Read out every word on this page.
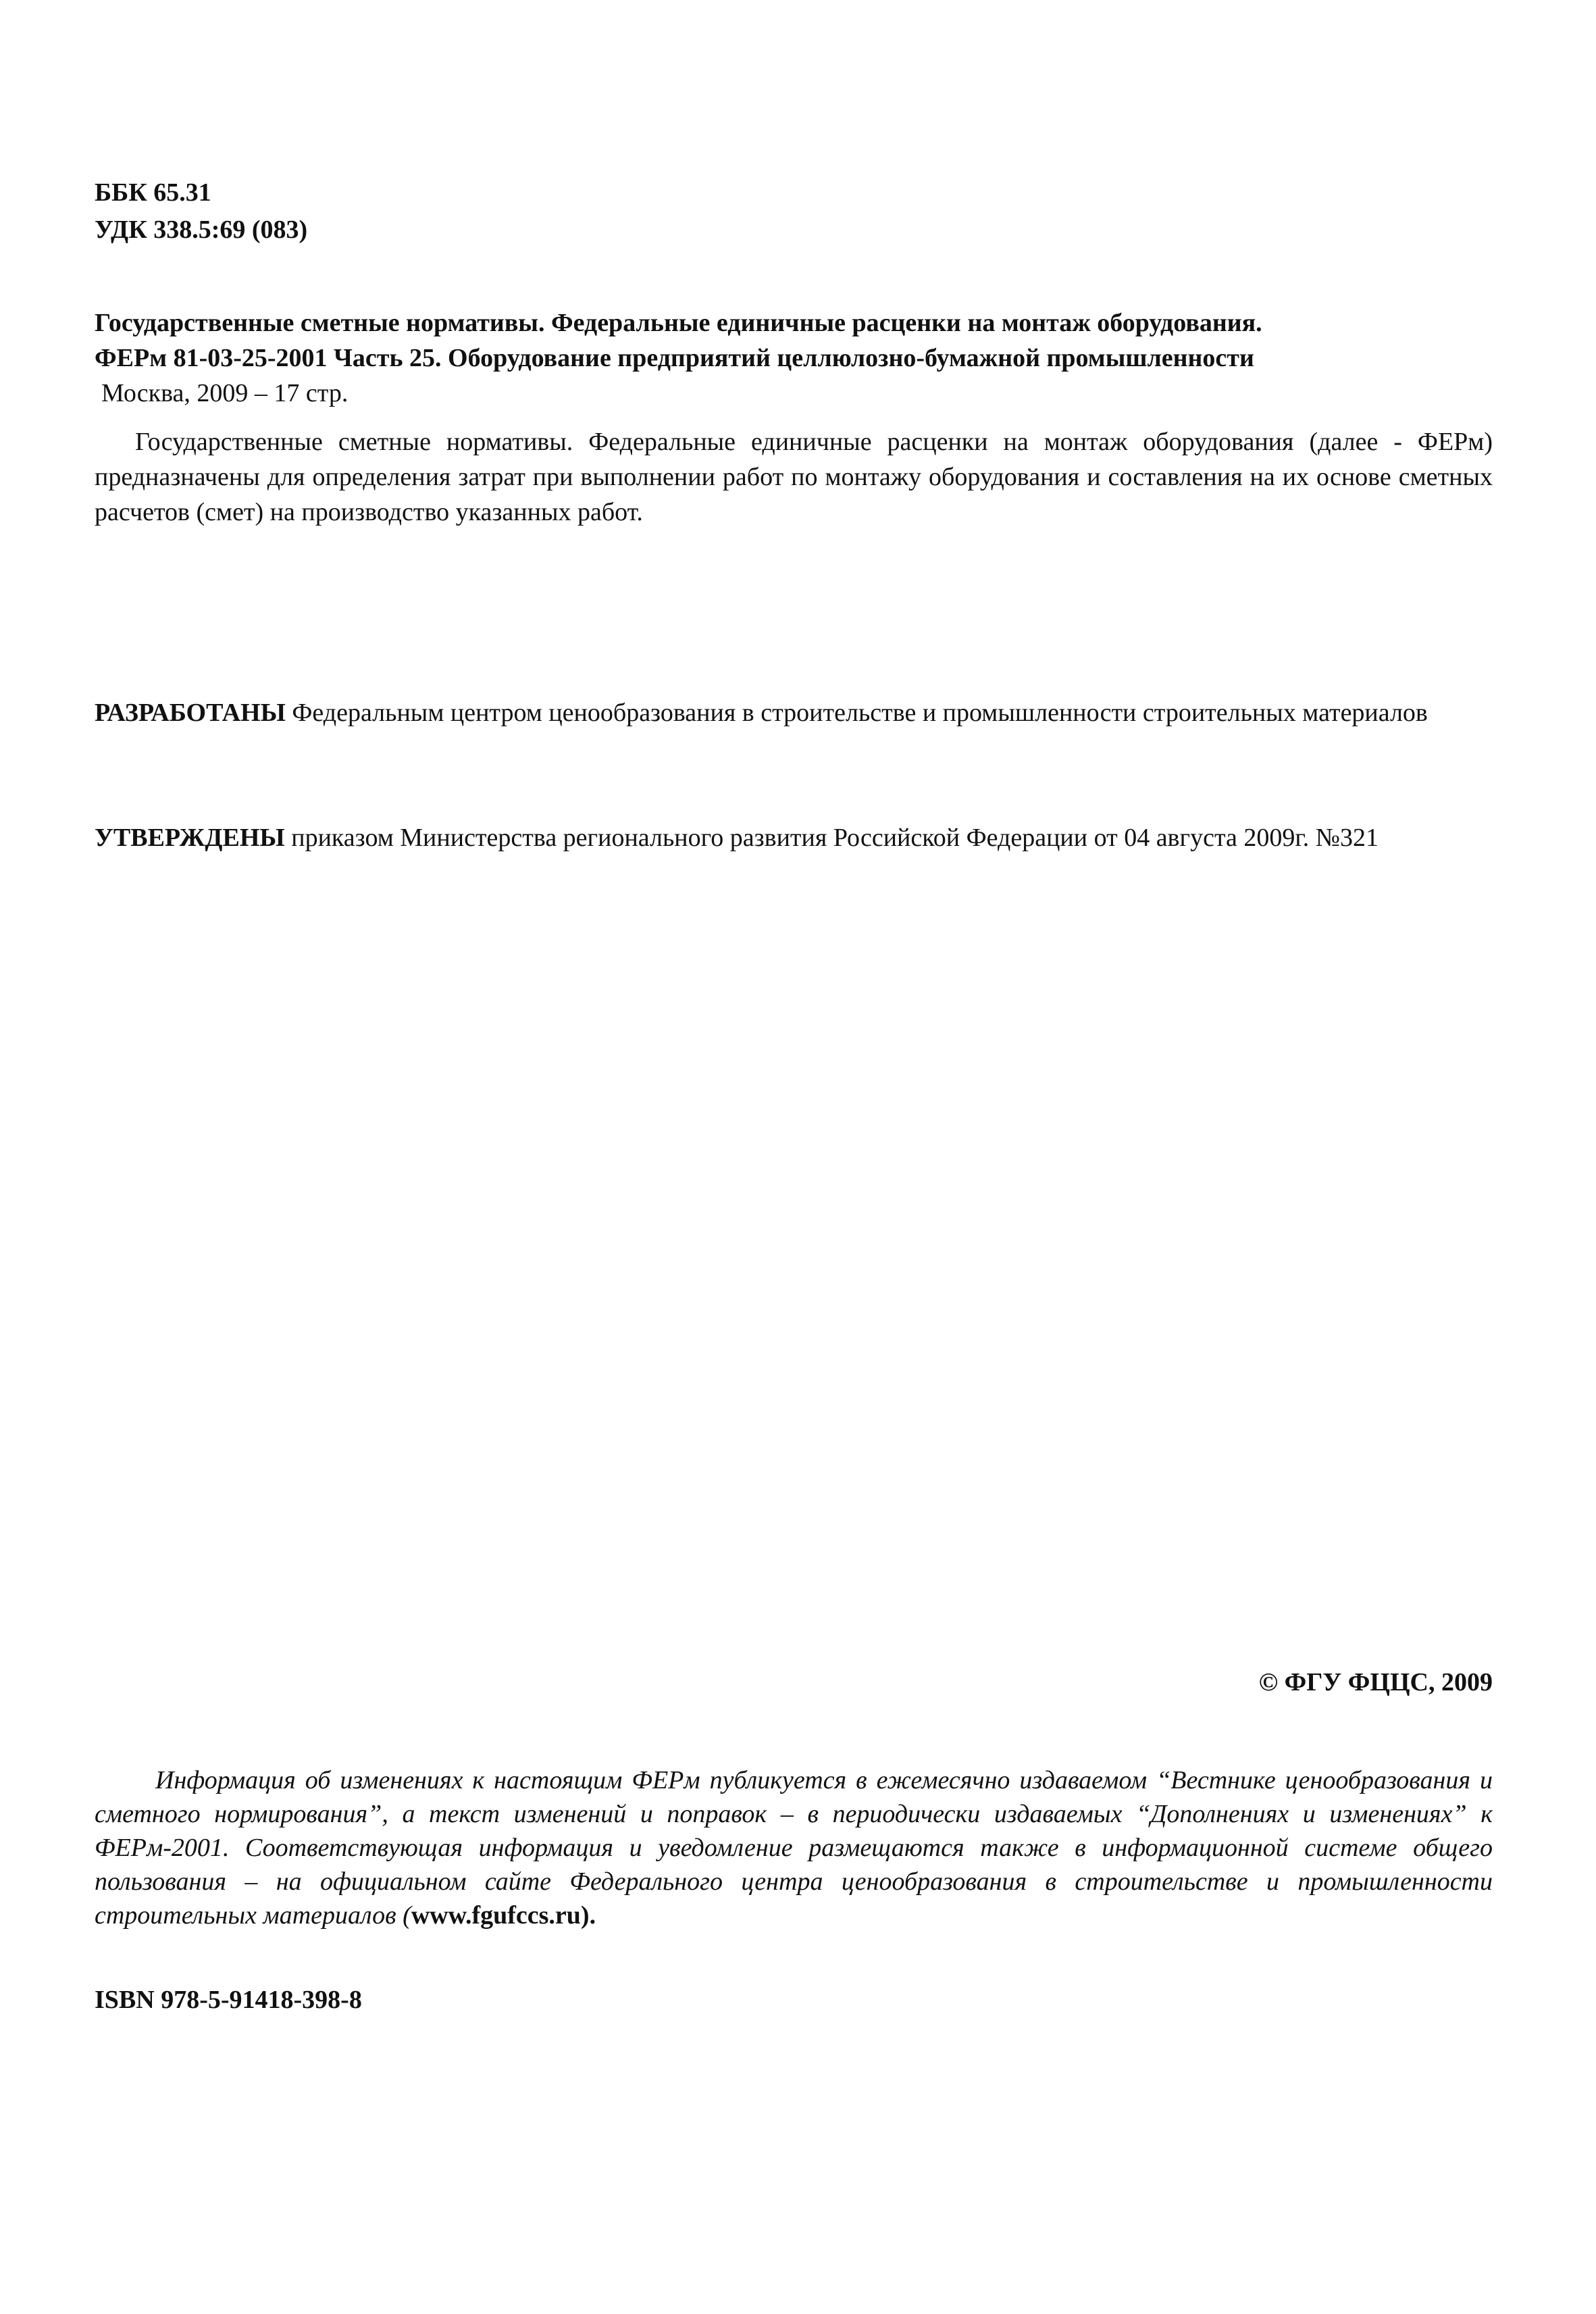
ББК 65.31
УДК 338.5:69 (083)
Государственные сметные нормативы. Федеральные единичные расценки на монтаж оборудования.
ФЕРм 81-03-25-2001 Часть 25. Оборудование предприятий целлюлозно-бумажной промышленности
Москва, 2009 – 17 стр.

Государственные сметные нормативы. Федеральные единичные расценки на монтаж оборудования (далее - ФЕРм) предназначены для определения затрат при выполнении работ по монтажу оборудования и составления на их основе сметных расчетов (смет) на производство указанных работ.

РАЗРАБОТАНЫ Федеральным центром ценообразования в строительстве и промышленности строительных материалов

УТВЕРЖДЕНЫ приказом Министерства регионального развития Российской Федерации от 04 августа 2009г. №321

© ФГУ ФЦЦС, 2009

Информация об изменениях к настоящим ФЕРм публикуется в ежемесячно издаваемом “Вестнике ценообразования и сметного нормирования”, а текст изменений и поправок – в периодически издаваемых “Дополнениях и изменениях” к ФЕРм-2001. Соответствующая информация и уведомление размещаются также в информационной системе общего пользования – на официальном сайте Федерального центра ценообразования в строительстве и промышленности строительных материалов (www.fgufccs.ru).

ISBN 978-5-91418-398-8
